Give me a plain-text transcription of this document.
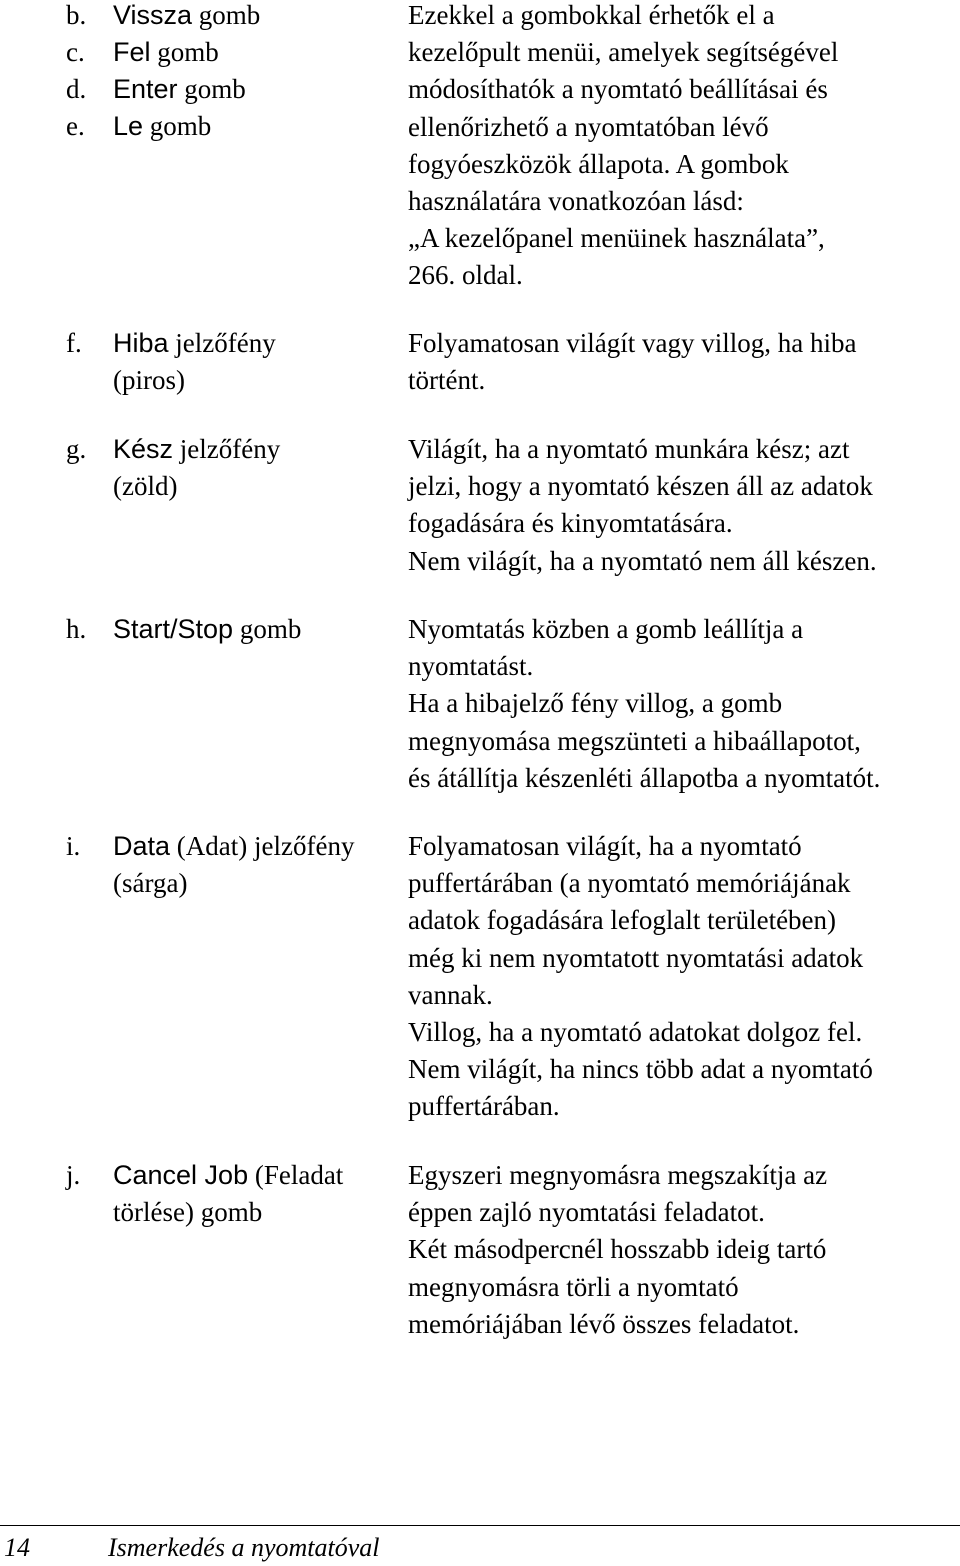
b. Vissza gomb
c. Fel gomb
d. Enter gomb
e. Le gomb
Ezekkel a gombokkal érhetők el a
kezelőpult menüi, amelyek segítségével
módosíthatók a nyomtató beállításai és
ellenőrizhető a nyomtatóban lévő
fogyóeszközök állapota. A gombok
használatára vonatkozóan lásd:
„A kezelőpanel menüinek használata”,
266. oldal.
f. Hiba jelzőfény
(piros)
Folyamatosan világít vagy villog, ha hiba
történt.
g. Kész jelzőfény
(zöld)
Világít, ha a nyomtató munkára kész; azt
jelzi, hogy a nyomtató készen áll az adatok
fogadására és kinyomtatására.
Nem világít, ha a nyomtató nem áll készen.
h. Start/Stop gomb	Nyomtatás közben a gomb leállítja a
nyomtatást.
Ha a hibajelző fény villog, a gomb
megnyomása megszünteti a hibaállapotot,
és átállítja készenléti állapotba a nyomtatót.
i. Data (Adat) jelzőfény
(sárga)
Folyamatosan világít, ha a nyomtató
puffertárában (a nyomtató memóriájának
adatok fogadására lefoglalt területében)
még ki nem nyomtatott nyomtatási adatok
vannak.
Villog, ha a nyomtató adatokat dolgoz fel.
Nem világít, ha nincs több adat a nyomtató
puffertárában.
j. Cancel Job (Feladat
törlése) gomb
Egyszeri megnyomásra megszakítja az
éppen zajló nyomtatási feladatot.
Két másodpercnél hosszabb ideig tartó
megnyomásra törli a nyomtató
memóriájában lévő összes feladatot.
14	Ismerkedés a nyomtatóval
